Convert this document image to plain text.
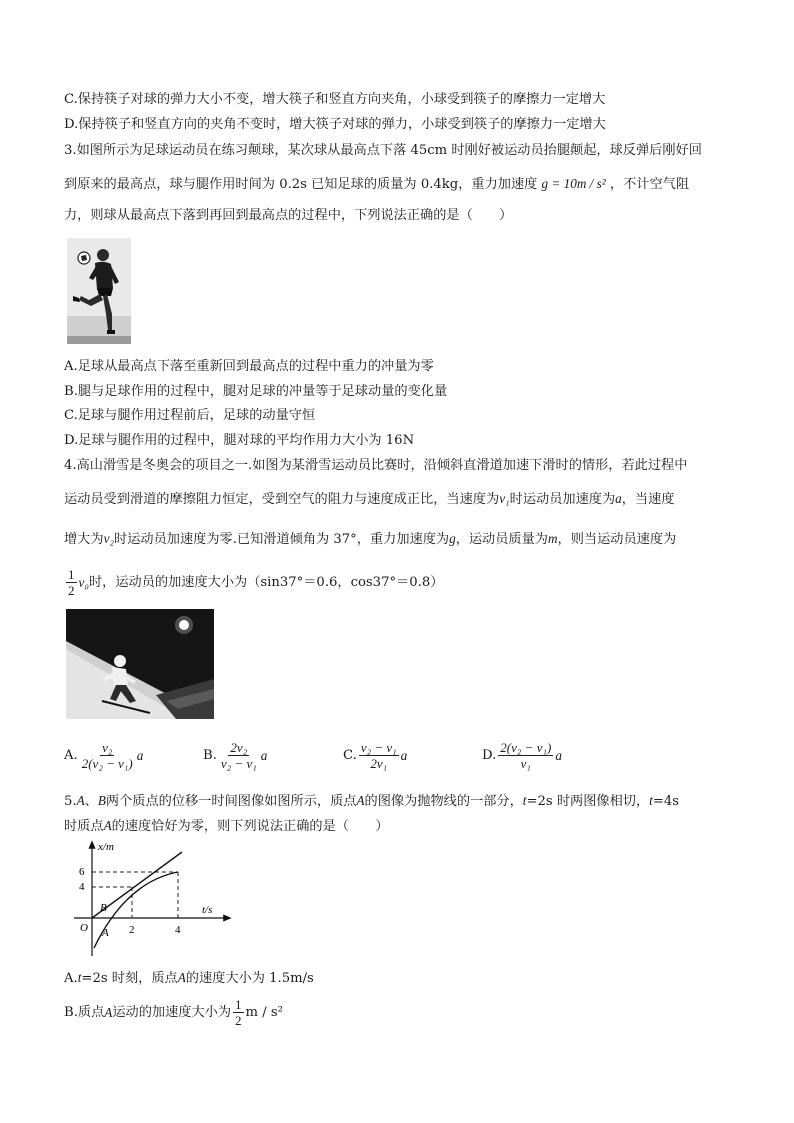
C.保持筷子对球的弹力大小不变，增大筷子和竖直方向夹角，小球受到筷子的摩擦力一定增大
D.保持筷子和竖直方向的夹角不变时，增大筷子对球的弹力，小球受到筷子的摩擦力一定增大
3.如图所示为足球运动员在练习颠球，某次球从最高点下落 45cm 时刚好被运动员抬腿颠起，球反弹后刚好回
到原来的最高点，球与腿作用时间为 0.2s 已知足球的质量为 0.4kg，重力加速度 g = 10m / s² ，不计空气阻
力，则球从最高点下落到再回到最高点的过程中，下列说法正确的是（　　）
A.足球从最高点下落至重新回到最高点的过程中重力的冲量为零
B.腿与足球作用的过程中，腿对足球的冲量等于足球动量的变化量
C.足球与腿作用过程前后，足球的动量守恒
D.足球与腿作用的过程中，腿对球的平均作用力大小为 16N
4.高山滑雪是冬奥会的项目之一.如图为某滑雪运动员比赛时，沿倾斜直滑道加速下滑时的情形，若此过程中
运动员受到滑道的摩擦阻力恒定，受到空气的阻力与速度成正比，当速度为v₁时运动员加速度为a，当速度
增大为v₂时运动员加速度为零.已知滑道倾角为 37°，重力加速度为g，运动员质量为m，则当运动员速度为
$\frac{1}{2} v_0$ 时，运动员的加速度大小为（sin37°＝0.6，cos37°＝0.8）
A. $\frac{\text{v₂}}{\text{2(v₂ − v₁)}}$ a	B. $\frac{\text{2v₂}}{\text{v₂ − v₁}}$ a	C. $\frac{\text{v₂ − v₁}}{\text{2v₁}}$ a	D. $\frac{\text{2(v₂ − v₁)}}{\text{v₁}}$ a
5.A、B两个质点的位移一时间图像如图所示，质点A的图像为抛物线的一部分，t=2s 时两图像相切，t=4s
时质点A的速度恰好为零，则下列说法正确的是（　　）
x/m
t/s
6
4
2	4
O
B
A
A.t=2s 时刻，质点A的速度大小为 1.5m/s
B.质点 A 运动的加速度大小为 $\frac{1}{2}$ m / s²
